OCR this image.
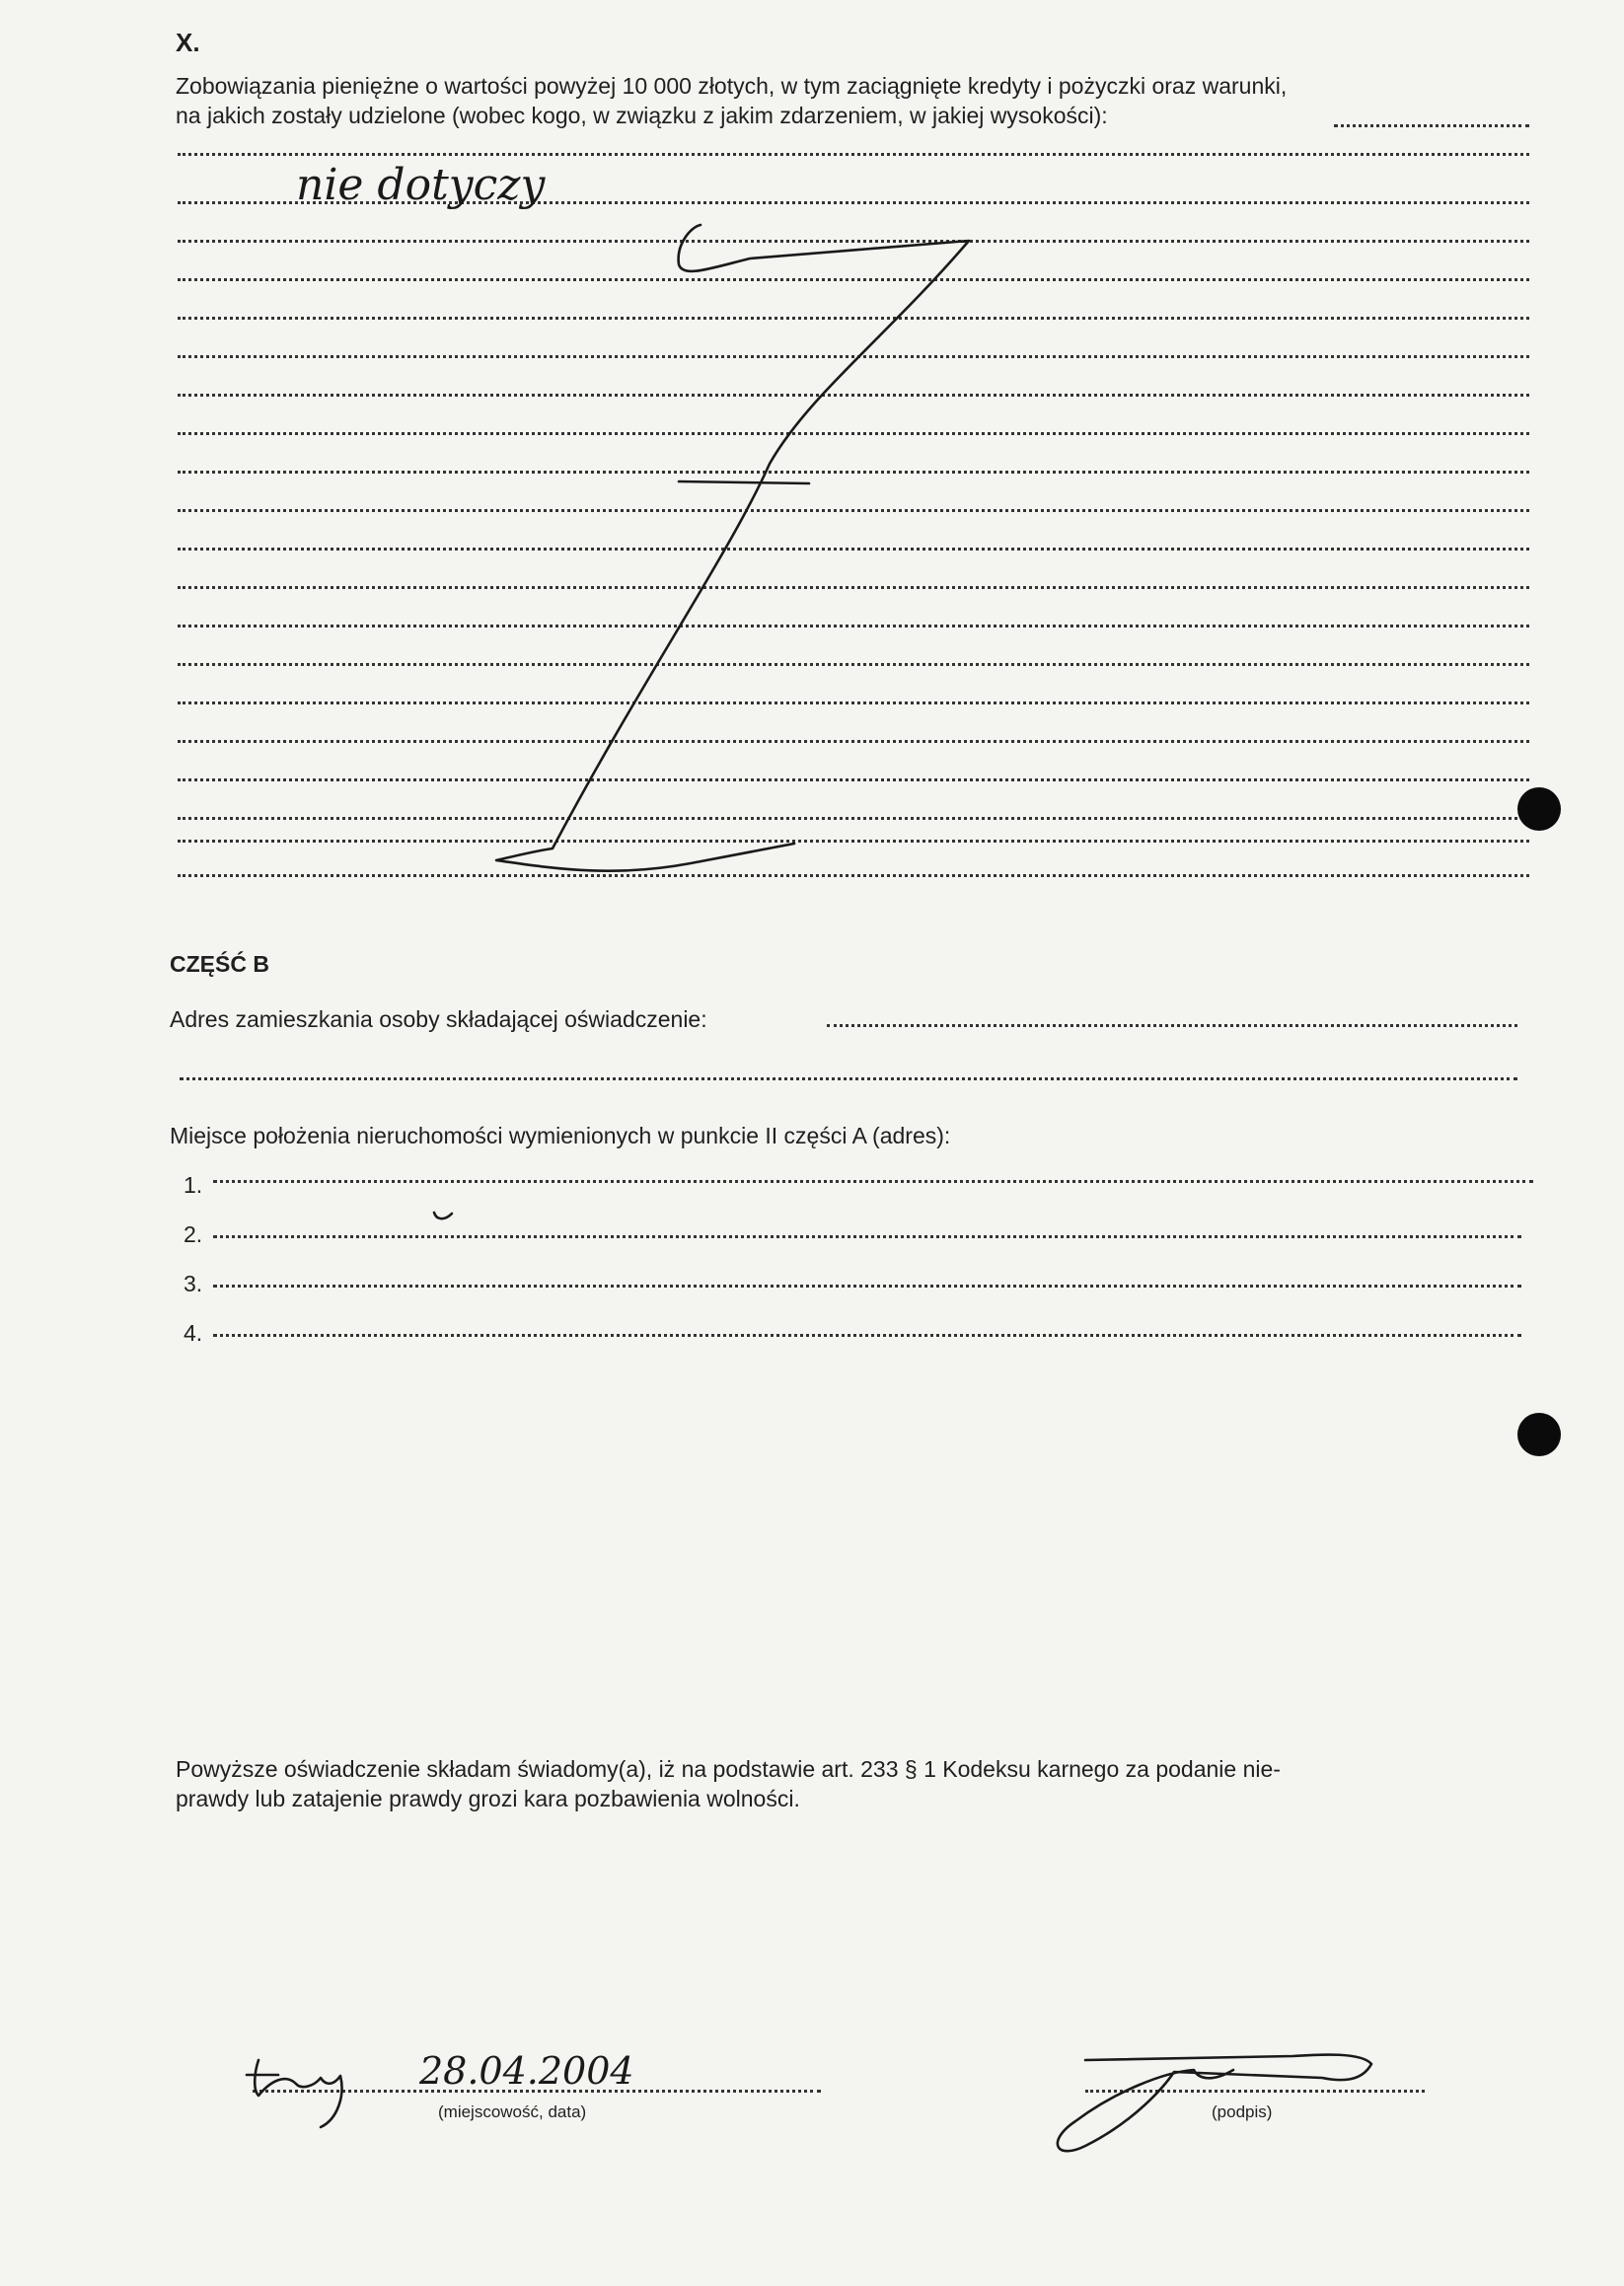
X.
Zobowiązania pieniężne o wartości powyżej 10 000 złotych, w tym zaciągnięte kredyty i pożyczki oraz warunki,
na jakich zostały udzielone (wobec kogo, w związku z jakim zdarzeniem, w jakiej wysokości):
CZĘŚĆ B
Adres zamieszkania osoby składającej oświadczenie:
Miejsce położenia nieruchomości wymienionych w punkcie II części A (adres):
1.
2.
3.
4.
Powyższe oświadczenie składam świadomy(a), iż na podstawie art. 233 § 1 Kodeksu karnego za podanie nie-
prawdy lub zatajenie prawdy grozi kara pozbawienia wolności.
(miejscowość, data)	(podpis)
nie dotyczy
28.04.2004
